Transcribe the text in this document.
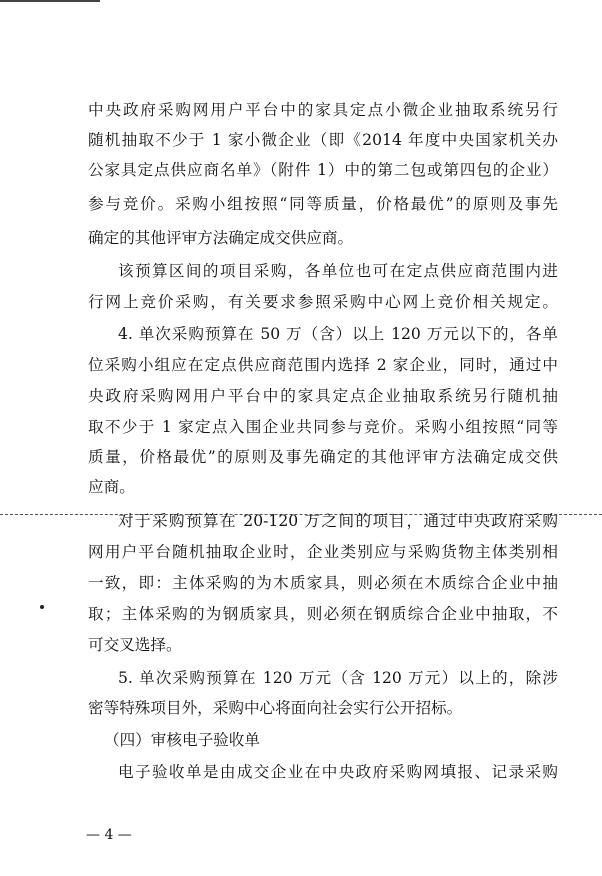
中央政府采购网用户平台中的家具定点小微企业抽取系统另行
随机抽取不少于 1 家小微企业（即《2014 年度中央国家机关办
公家具定点供应商名单》（附件 1）中的第二包或第四包的企业）
参与竞价。采购小组按照“同等质量，价格最优”的原则及事先
确定的其他评审方法确定成交供应商。
该预算区间的项目采购，各单位也可在定点供应商范围内进
行网上竞价采购，有关要求参照采购中心网上竞价相关规定。
4. 单次采购预算在 50 万（含）以上 120 万元以下的，各单
位采购小组应在定点供应商范围内选择 2 家企业，同时，通过中
央政府采购网用户平台中的家具定点企业抽取系统另行随机抽
取不少于 1 家定点入围企业共同参与竞价。采购小组按照“同等
质量，价格最优”的原则及事先确定的其他评审方法确定成交供
应商。
对于采购预算在 20-120 万之间的项目，通过中央政府采购
网用户平台随机抽取企业时，企业类别应与采购货物主体类别相
一致，即：主体采购的为木质家具，则必须在木质综合企业中抽
取；主体采购的为钢质家具，则必须在钢质综合企业中抽取，不
可交叉选择。
5. 单次采购预算在 120 万元（含 120 万元）以上的，除涉
密等特殊项目外，采购中心将面向社会实行公开招标。
（四）审核电子验收单
电子验收单是由成交企业在中央政府采购网填报、记录采购
— 4 —
